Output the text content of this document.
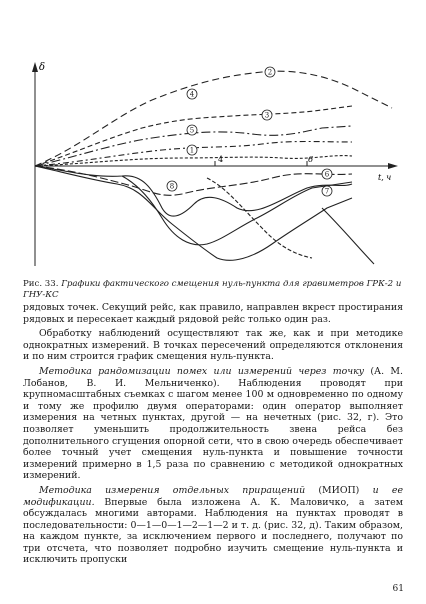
δ
t, ч
4	6
2
3
4
5
1
6
7
8
Рис. 33. Графики фактического смещения нуль-пункта для гравиметров ГРК-2 и ГНУ-КС

рядовых точек. Секущий рейс, как правило, направлен вкрест простирания рядовых и пересекает каждый рядовой рейс только один раз.

Обработку наблюдений осуществляют так же, как и при методике однократных измерений. В точках пересечений определяются отклонения и по ним строится график смещения нуль-пункта.

Методика рандомизации помех или измерений через точку (А. М. Лобанов, В. И. Мельниченко). Наблюдения проводят при крупномасштабных съемках с шагом менее 100 м одновременно по одному и тому же профилю двумя операторами: один оператор выполняет измерения на четных пунктах, другой — на нечетных (рис. 32, г). Это позволяет уменьшить продолжительность звена рейса без дополнительного сгущения опорной сети, что в свою очередь обеспечивает более точный учет смещения нуль-пункта и повышение точности измерений примерно в 1,5 раза по сравнению с методикой однократных измерений.

Методика измерения отдельных приращений (МИОП) и ее модификации. Впервые была изложена А. К. Маловичко, а затем обсуждалась многими авторами. Наблюдения на пунктах проводят в последовательности: 0—1—0—1—2—1—2 и т. д. (рис. 32, д). Таким образом, на каждом пункте, за исключением первого и последнего, получают по три отсчета, что позволяет подробно изучить смещение нуль-пункта и исключить пропуски

61
